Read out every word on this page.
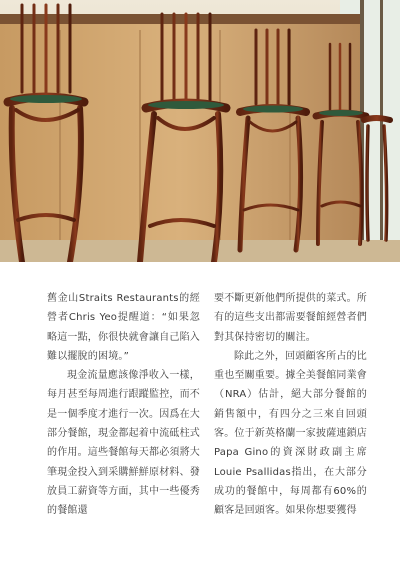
舊金山Straits Restaurants的經營者Chris Yeo提醒道：“如果忽略這一點，你很快就會讓自己陷入難以擺脫的困境。”

現金流量應該像淨收入一樣，每月甚至每周進行跟蹤監控，而不是一個季度才進行一次。因爲在大部分餐館，現金都起着中流砥柱式的作用。這些餐館每天都必須將大筆現金投入到采購鮮鮮原材料、發放員工薪資等方面，其中一些優秀的餐館還

要不斷更新他們所提供的菜式。所有的這些支出都需要餐館經營者們對其保持密切的關注。

除此之外，回頭顧客所占的比重也至關重要。據全美餐館同業會（NRA）估計，絕大部分餐館的銷售額中，有四分之三來自回頭客。位于新英格蘭一家披薩連鎖店Papa Gino的資深財政副主席Louie Psallidas指出，在大部分成功的餐館中，每周都有60%的顧客是回頭客。如果你想要獲得
